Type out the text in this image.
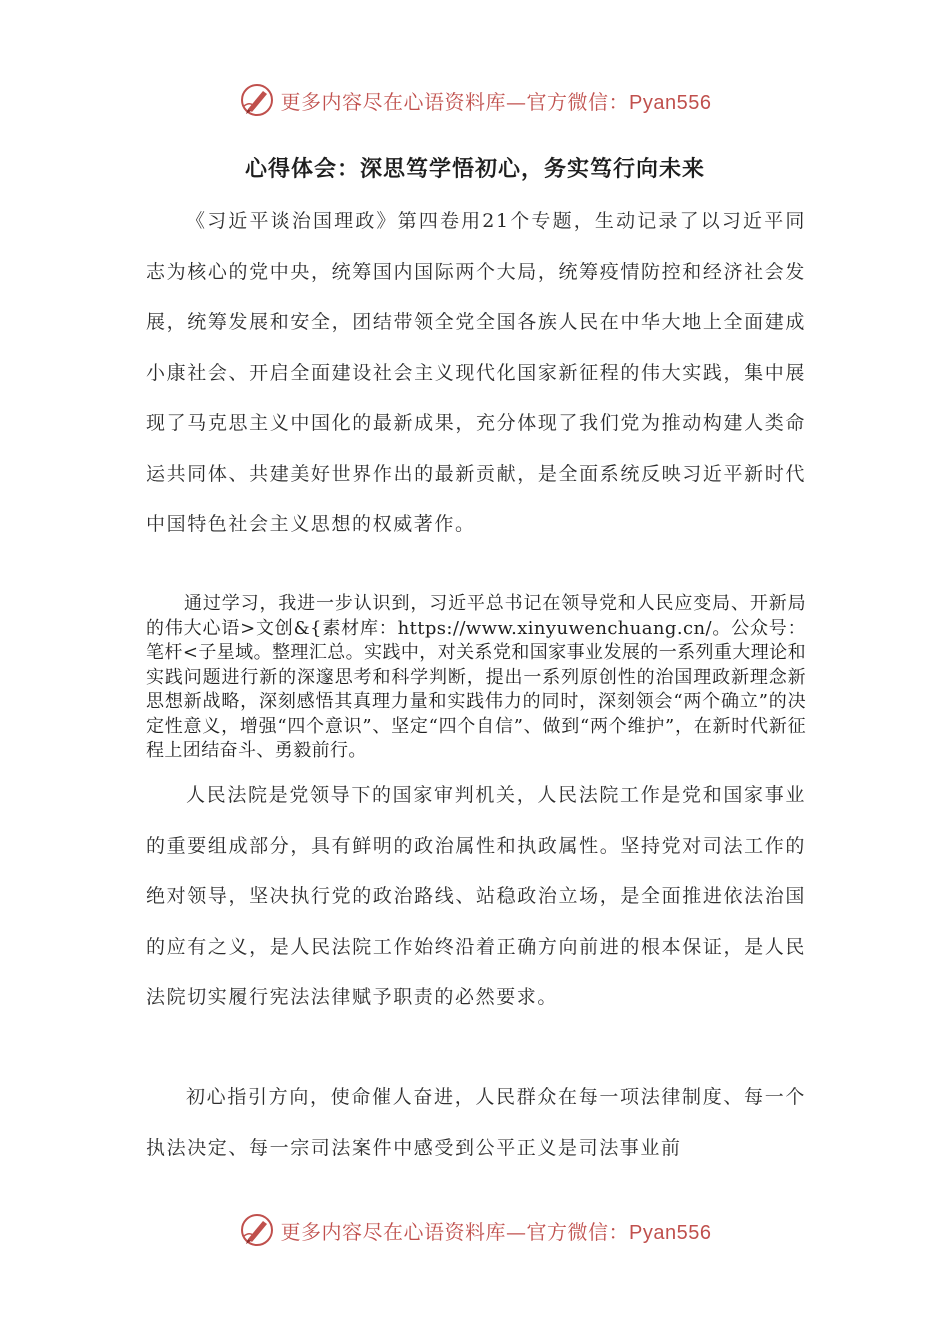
更多内容尽在心语资料库—官方微信：Pyan556
心得体会：深思笃学悟初心，务实笃行向未来

《习近平谈治国理政》第四卷用21个专题，生动记录了以习近平同志为核心的党中央，统筹国内国际两个大局，统筹疫情防控和经济社会发展，统筹发展和安全，团结带领全党全国各族人民在中华大地上全面建成小康社会、开启全面建设社会主义现代化国家新征程的伟大实践，集中展现了马克思主义中国化的最新成果，充分体现了我们党为推动构建人类命运共同体、共建美好世界作出的最新贡献，是全面系统反映习近平新时代中国特色社会主义思想的权威著作。

通过学习，我进一步认识到，习近平总书记在领导党和人民应变局、开新局的伟大心语>文创&{素材库：https://www.xinyuwenchuang.cn/。公众号：笔杆<子星域。整理汇总。实践中，对关系党和国家事业发展的一系列重大理论和实践问题进行新的深邃思考和科学判断，提出一系列原创性的治国理政新理念新思想新战略，深刻感悟其真理力量和实践伟力的同时，深刻领会“两个确立”的决定性意义，增强“四个意识”、坚定“四个自信”、做到“两个维护”，在新时代新征程上团结奋斗、勇毅前行。

人民法院是党领导下的国家审判机关，人民法院工作是党和国家事业的重要组成部分，具有鲜明的政治属性和执政属性。坚持党对司法工作的绝对领导，坚决执行党的政治路线、站稳政治立场，是全面推进依法治国的应有之义，是人民法院工作始终沿着正确方向前进的根本保证，是人民法院切实履行宪法法律赋予职责的必然要求。

初心指引方向，使命催人奋进，人民群众在每一项法律制度、每一个执法决定、每一宗司法案件中感受到公平正义是司法事业前

更多内容尽在心语资料库—官方微信：Pyan556
